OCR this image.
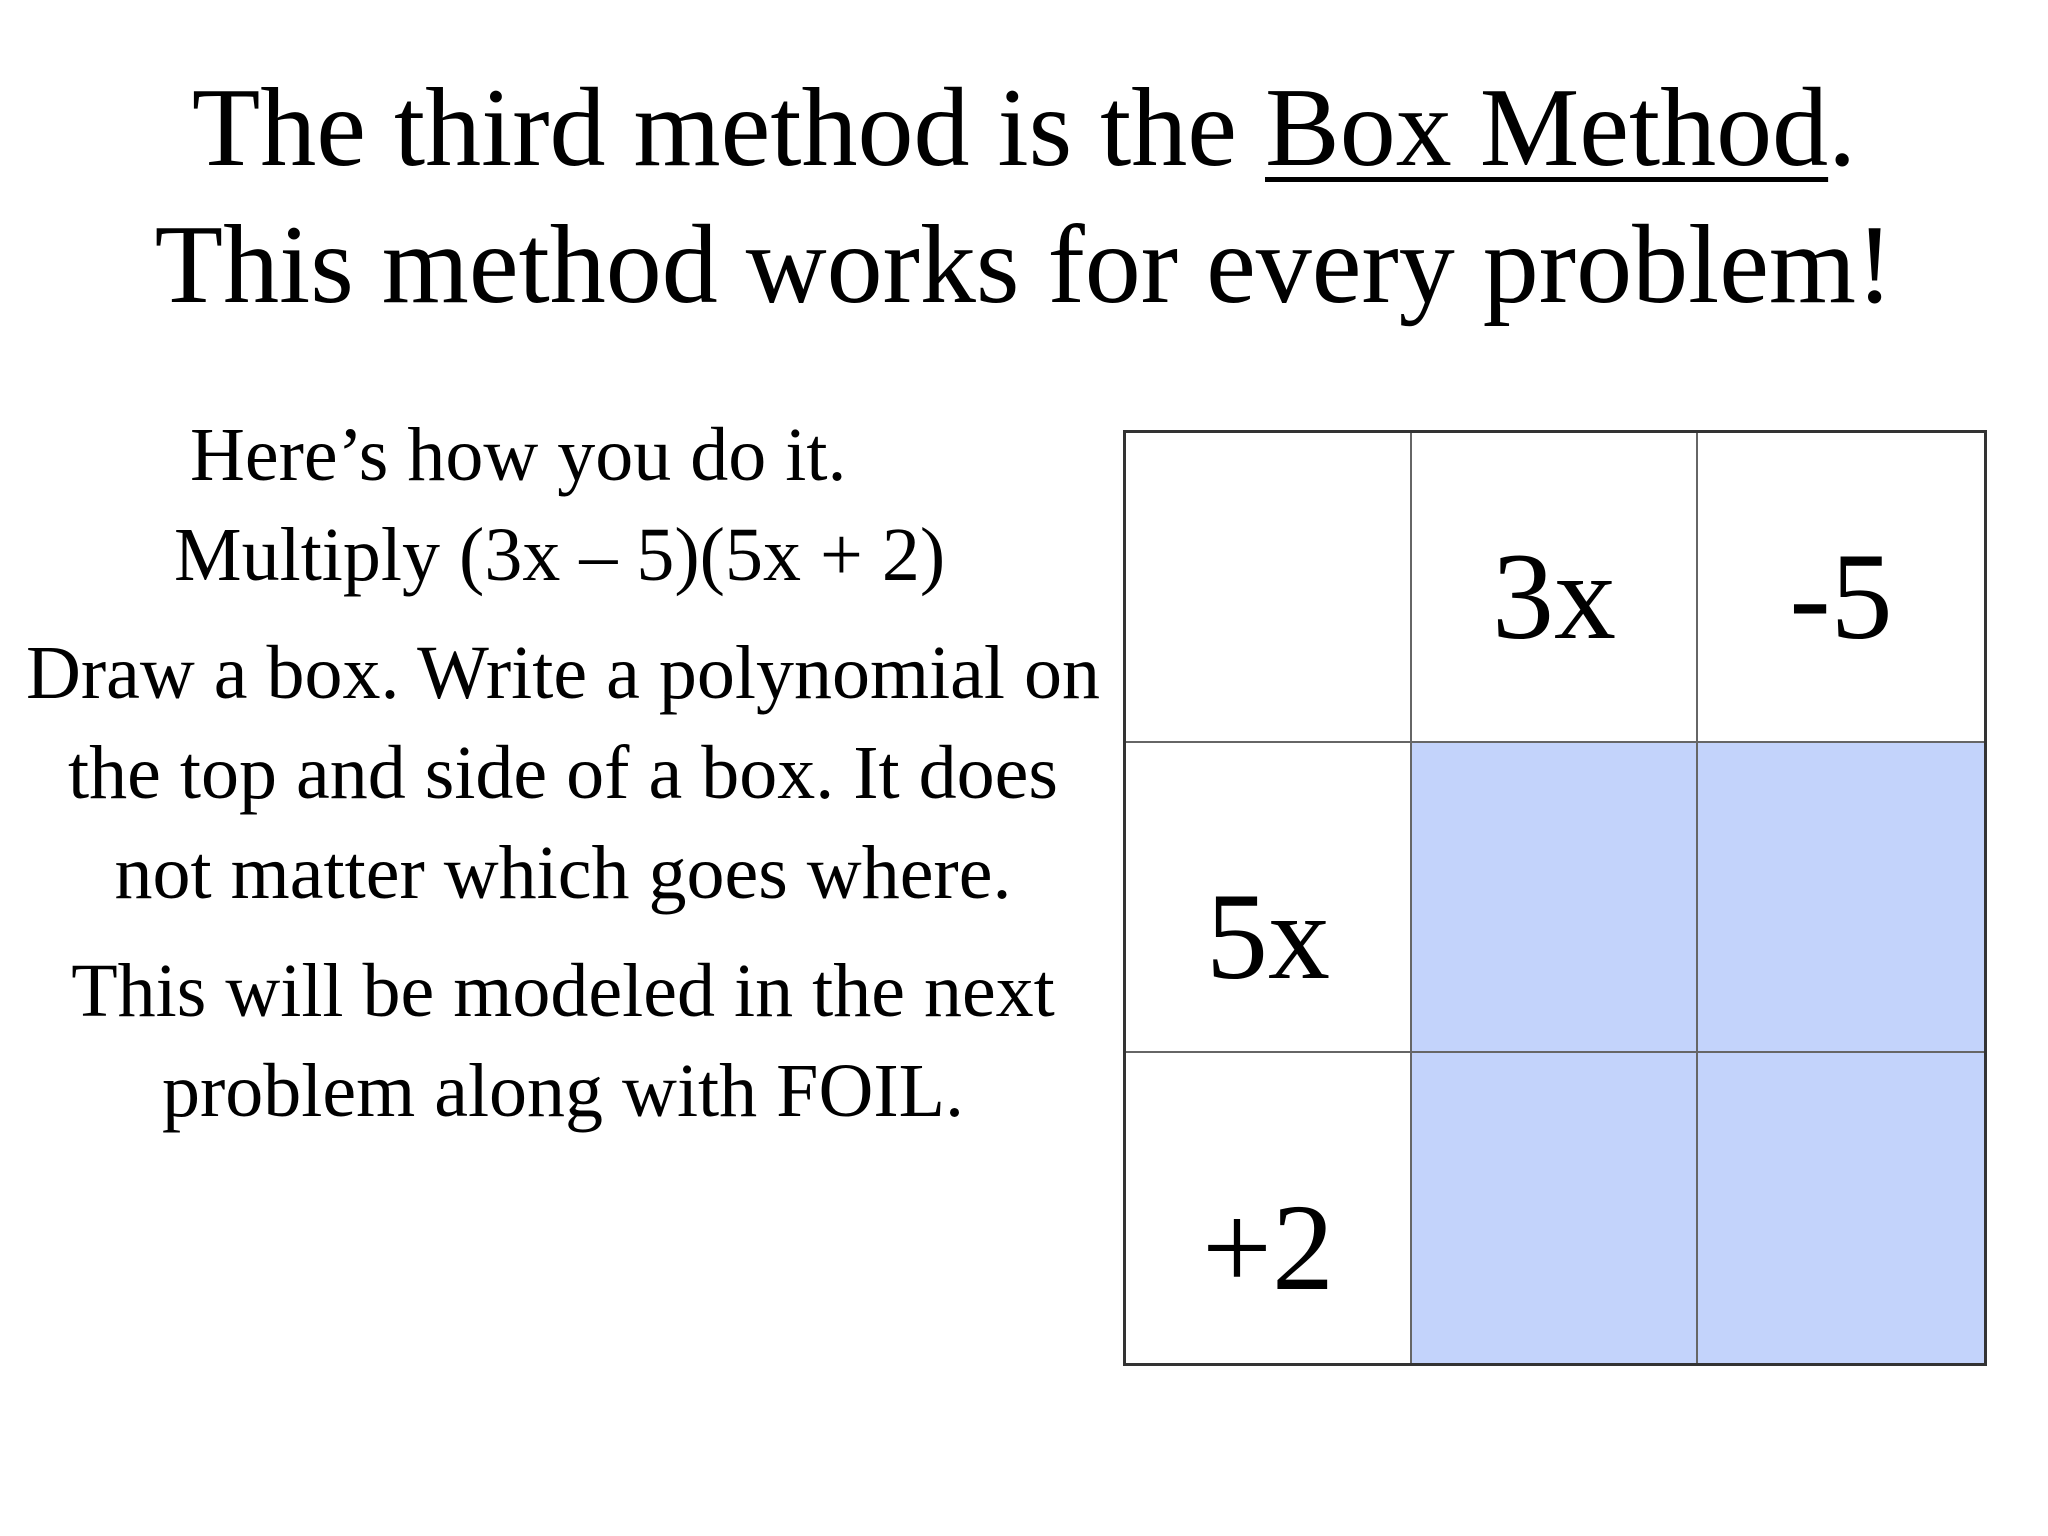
The third method is the Box Method.
This method works for every problem!

Here’s how you do it.

Multiply (3x – 5)(5x + 2)

Draw a box. Write a polynomial on the top and side of a box. It does not matter which goes where.

This will be modeled in the next problem along with FOIL.

3x	-5
5x
+2
